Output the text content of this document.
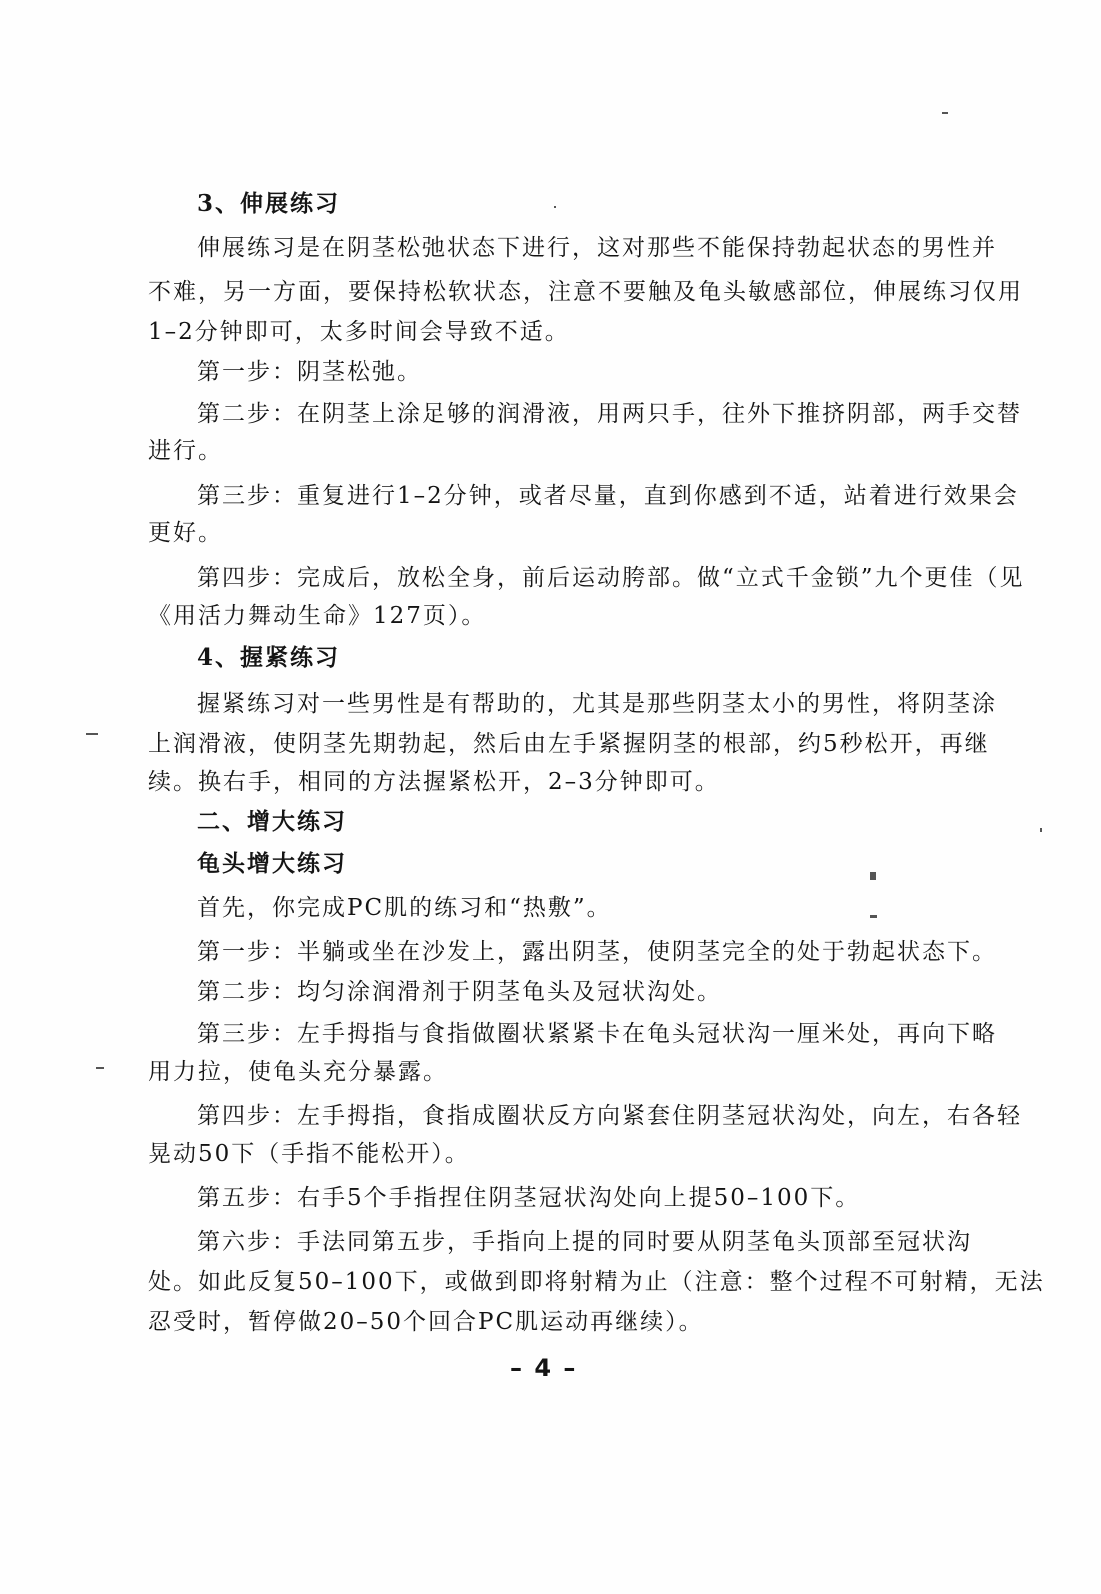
3、伸展练习
伸展练习是在阴茎松弛状态下进行，这对那些不能保持勃起状态的男性并
不难，另一方面，要保持松软状态，注意不要触及龟头敏感部位，伸展练习仅用
1–2分钟即可，太多时间会导致不适。
第一步：阴茎松弛。
第二步：在阴茎上涂足够的润滑液，用两只手，往外下推挤阴部，两手交替
进行。
第三步：重复进行1–2分钟，或者尽量，直到你感到不适，站着进行效果会
更好。
第四步：完成后，放松全身，前后运动胯部。做“立式千金锁”九个更佳（见
《用活力舞动生命》127页）。
4、握紧练习
握紧练习对一些男性是有帮助的，尤其是那些阴茎太小的男性，将阴茎涂
上润滑液，使阴茎先期勃起，然后由左手紧握阴茎的根部，约5秒松开，再继
续。换右手，相同的方法握紧松开，2–3分钟即可。
二、增大练习
龟头增大练习
首先，你完成PC肌的练习和“热敷”。
第一步：半躺或坐在沙发上，露出阴茎，使阴茎完全的处于勃起状态下。
第二步：均匀涂润滑剂于阴茎龟头及冠状沟处。
第三步：左手拇指与食指做圈状紧紧卡在龟头冠状沟一厘米处，再向下略
用力拉，使龟头充分暴露。
第四步：左手拇指，食指成圈状反方向紧套住阴茎冠状沟处，向左，右各轻
晃动50下（手指不能松开）。
第五步：右手5个手指捏住阴茎冠状沟处向上提50–100下。
第六步：手法同第五步，手指向上提的同时要从阴茎龟头顶部至冠状沟
处。如此反复50–100下，或做到即将射精为止（注意：整个过程不可射精，无法
忍受时，暂停做20–50个回合PC肌运动再继续）。
– 4 –
